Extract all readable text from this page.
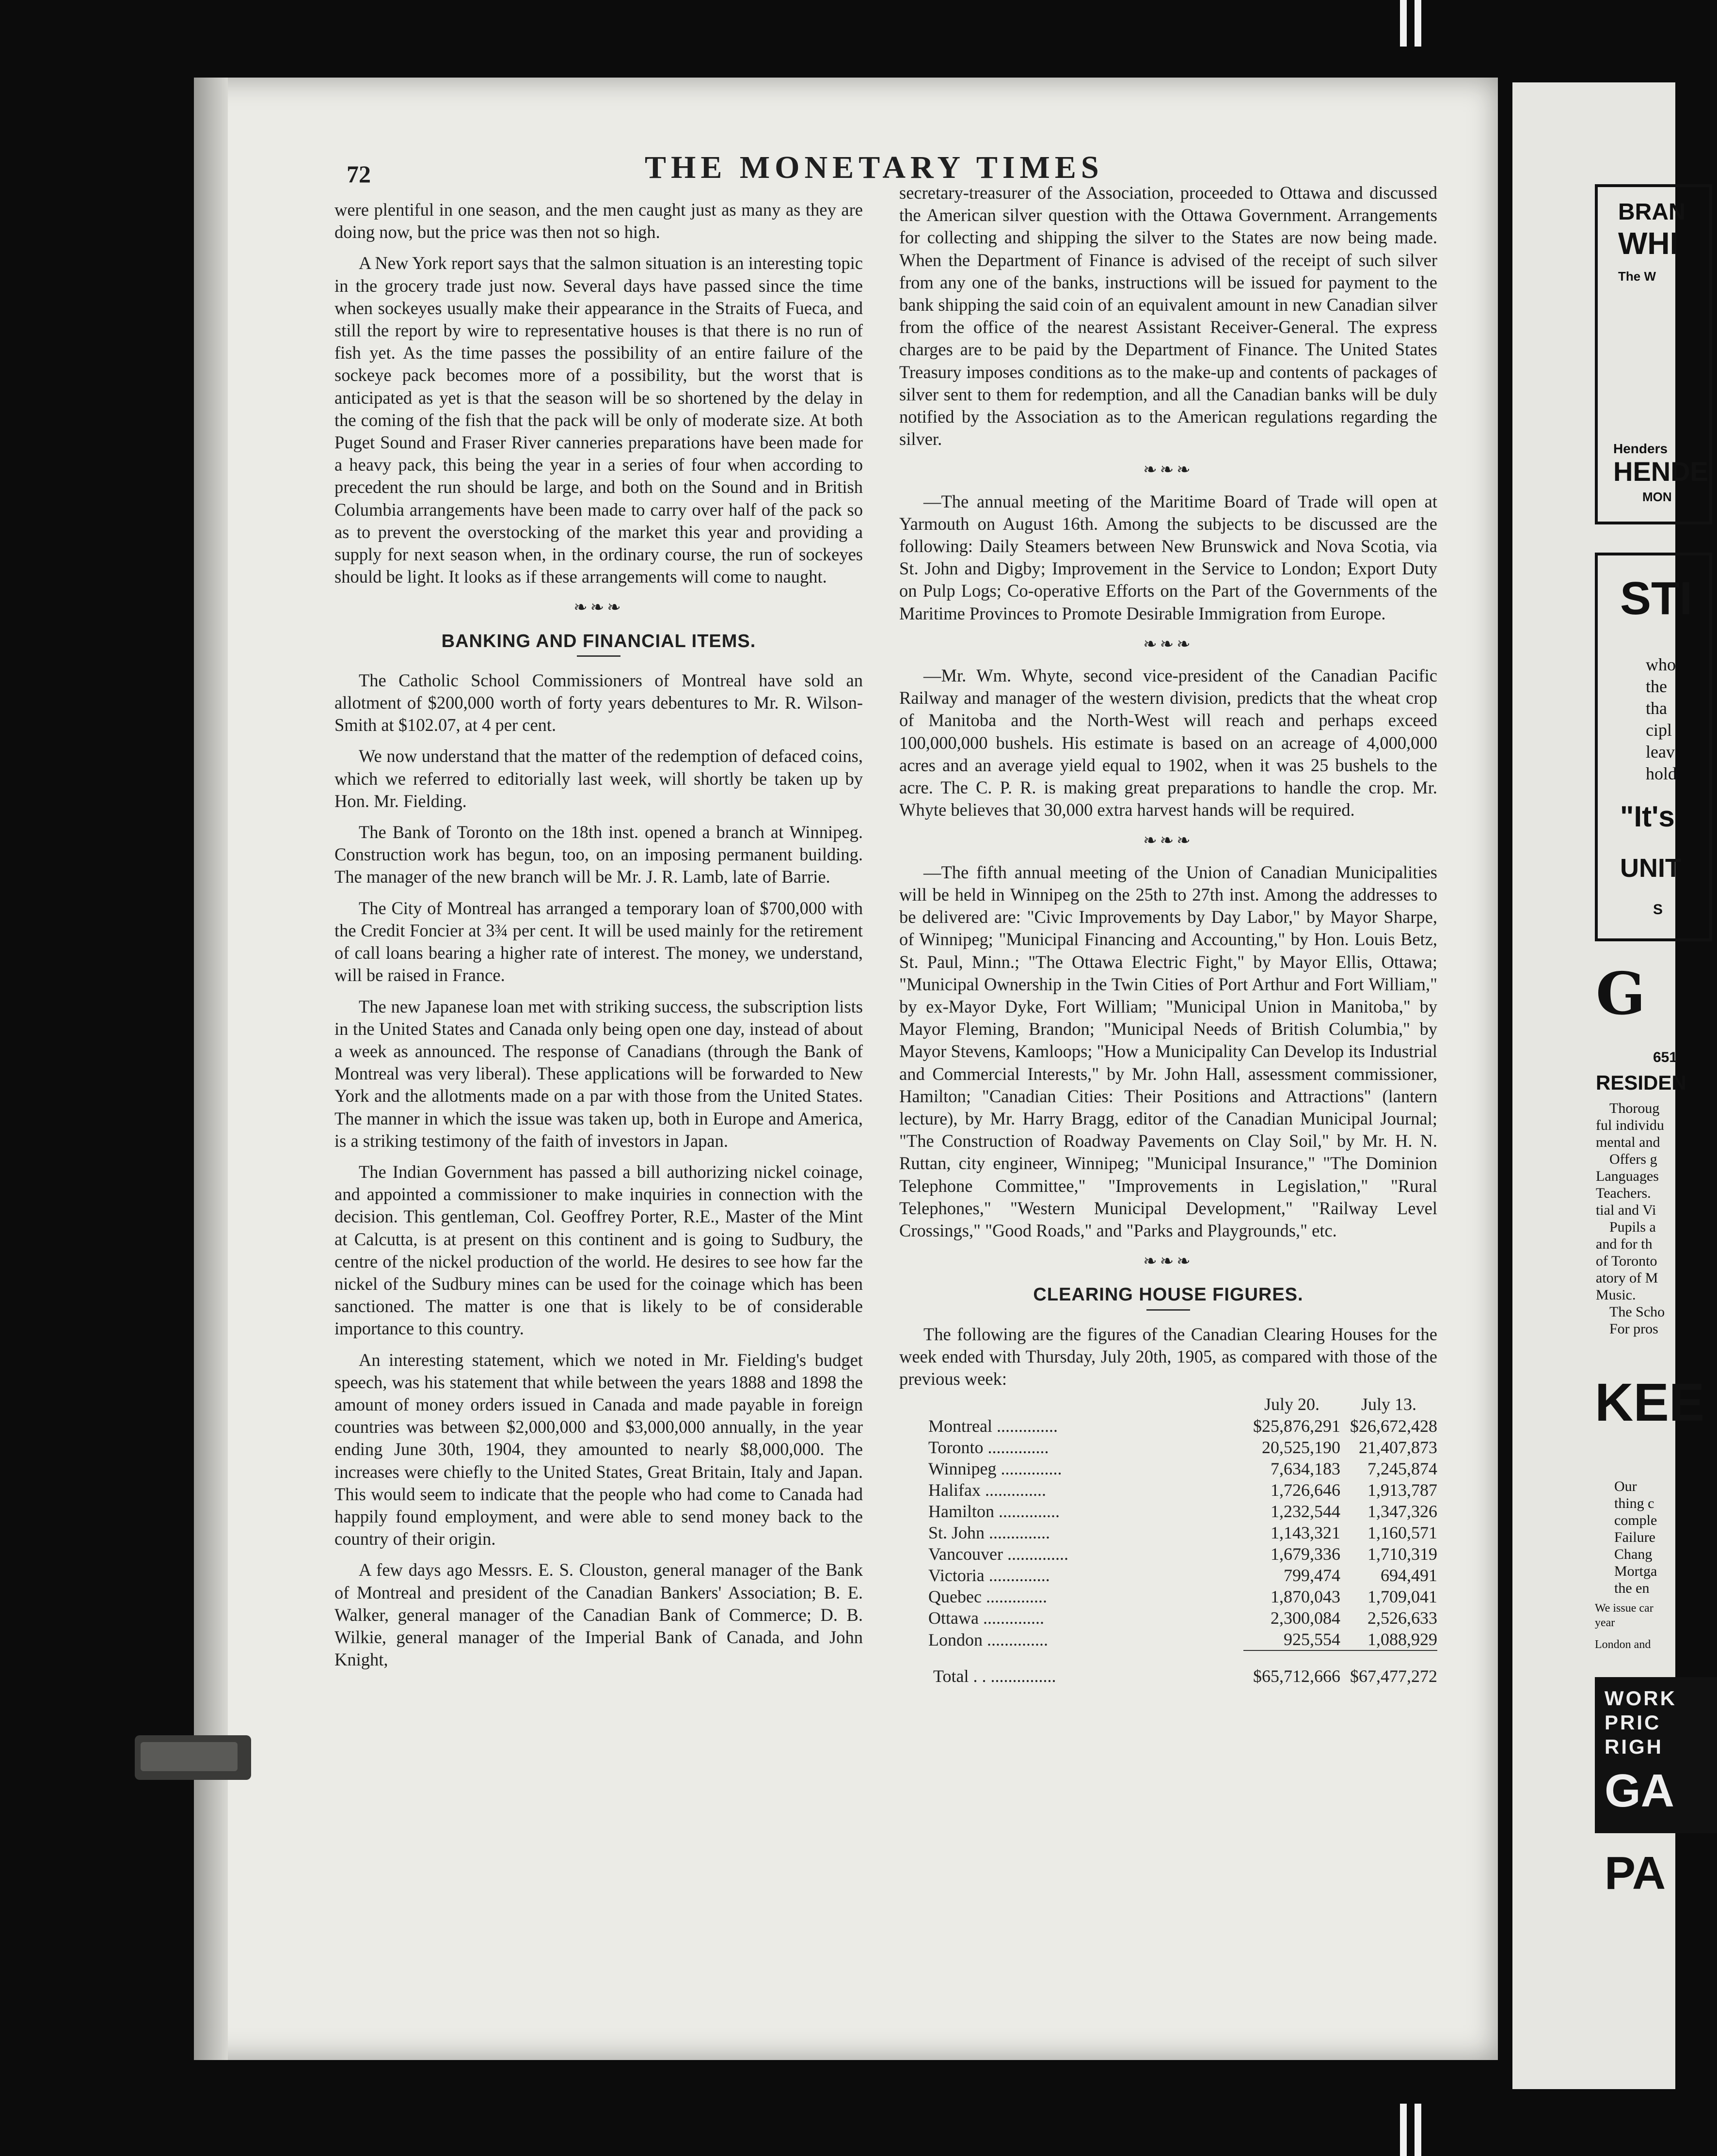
72	THE MONETARY TIMES

were plentiful in one season, and the men caught just as many as they are doing now, but the price was then not so high.

A New York report says that the salmon situation is an interesting topic in the grocery trade just now. Several days have passed since the time when sockeyes usually make their appearance in the Straits of Fueca, and still the report by wire to representative houses is that there is no run of fish yet. As the time passes the possibility of an entire failure of the sockeye pack becomes more of a possibility, but the worst that is anticipated as yet is that the season will be so shortened by the delay in the coming of the fish that the pack will be only of moderate size. At both Puget Sound and Fraser River canneries preparations have been made for a heavy pack, this being the year in a series of four when according to precedent the run should be large, and both on the Sound and in British Columbia arrangements have been made to carry over half of the pack so as to prevent the overstocking of the market this year and providing a supply for next season when, in the ordinary course, the run of sockeyes should be light. It looks as if these arrangements will come to naught.

❧❧❧
BANKING AND FINANCIAL ITEMS.

The Catholic School Commissioners of Montreal have sold an allotment of $200,000 worth of forty years debentures to Mr. R. Wilson-Smith at $102.07, at 4 per cent.

We now understand that the matter of the redemption of defaced coins, which we referred to editorially last week, will shortly be taken up by Hon. Mr. Fielding.

The Bank of Toronto on the 18th inst. opened a branch at Winnipeg. Construction work has begun, too, on an imposing permanent building. The manager of the new branch will be Mr. J. R. Lamb, late of Barrie.

The City of Montreal has arranged a temporary loan of $700,000 with the Credit Foncier at 3¾ per cent. It will be used mainly for the retirement of call loans bearing a higher rate of interest. The money, we understand, will be raised in France.

The new Japanese loan met with striking success, the subscription lists in the United States and Canada only being open one day, instead of about a week as announced. The response of Canadians (through the Bank of Montreal was very liberal). These applications will be forwarded to New York and the allotments made on a par with those from the United States. The manner in which the issue was taken up, both in Europe and America, is a striking testimony of the faith of investors in Japan.

The Indian Government has passed a bill authorizing nickel coinage, and appointed a commissioner to make inquiries in connection with the decision. This gentleman, Col. Geoffrey Porter, R.E., Master of the Mint at Calcutta, is at present on this continent and is going to Sudbury, the centre of the nickel production of the world. He desires to see how far the nickel of the Sudbury mines can be used for the coinage which has been sanctioned. The matter is one that is likely to be of considerable importance to this country.

An interesting statement, which we noted in Mr. Fielding's budget speech, was his statement that while between the years 1888 and 1898 the amount of money orders issued in Canada and made payable in foreign countries was between $2,000,000 and $3,000,000 annually, in the year ending June 30th, 1904, they amounted to nearly $8,000,000. The increases were chiefly to the United States, Great Britain, Italy and Japan. This would seem to indicate that the people who had come to Canada had happily found employment, and were able to send money back to the country of their origin.

A few days ago Messrs. E. S. Clouston, general manager of the Bank of Montreal and president of the Canadian Bankers' Association; B. E. Walker, general manager of the Canadian Bank of Commerce; D. B. Wilkie, general manager of the Imperial Bank of Canada, and John Knight,

secretary-treasurer of the Association, proceeded to Ottawa and discussed the American silver question with the Ottawa Government. Arrangements for collecting and shipping the silver to the States are now being made. When the Department of Finance is advised of the receipt of such silver from any one of the banks, instructions will be issued for payment to the bank shipping the said coin of an equivalent amount in new Canadian silver from the office of the nearest Assistant Receiver-General. The express charges are to be paid by the Department of Finance. The United States Treasury imposes conditions as to the make-up and contents of packages of silver sent to them for redemption, and all the Canadian banks will be duly notified by the Association as to the American regulations regarding the silver.

❧❧❧

—The annual meeting of the Maritime Board of Trade will open at Yarmouth on August 16th. Among the subjects to be discussed are the following: Daily Steamers between New Brunswick and Nova Scotia, via St. John and Digby; Improvement in the Service to London; Export Duty on Pulp Logs; Co-operative Efforts on the Part of the Governments of the Maritime Provinces to Promote Desirable Immigration from Europe.

❧❧❧

—Mr. Wm. Whyte, second vice-president of the Canadian Pacific Railway and manager of the western division, predicts that the wheat crop of Manitoba and the North-West will reach and perhaps exceed 100,000,000 bushels. His estimate is based on an acreage of 4,000,000 acres and an average yield equal to 1902, when it was 25 bushels to the acre. The C. P. R. is making great preparations to handle the crop. Mr. Whyte believes that 30,000 extra harvest hands will be required.

❧❧❧

—The fifth annual meeting of the Union of Canadian Municipalities will be held in Winnipeg on the 25th to 27th inst. Among the addresses to be delivered are: "Civic Improvements by Day Labor," by Mayor Sharpe, of Winnipeg; "Municipal Financing and Accounting," by Hon. Louis Betz, St. Paul, Minn.; "The Ottawa Electric Fight," by Mayor Ellis, Ottawa; "Municipal Ownership in the Twin Cities of Port Arthur and Fort William," by ex-Mayor Dyke, Fort William; "Municipal Union in Manitoba," by Mayor Fleming, Brandon; "Municipal Needs of British Columbia," by Mayor Stevens, Kamloops; "How a Municipality Can Develop its Industrial and Commercial Interests," by Mr. John Hall, assessment commissioner, Hamilton; "Canadian Cities: Their Positions and Attractions" (lantern lecture), by Mr. Harry Bragg, editor of the Canadian Municipal Journal; "The Construction of Roadway Pavements on Clay Soil," by Mr. H. N. Ruttan, city engineer, Winnipeg; "Municipal Insurance," "The Dominion Telephone Committee," "Improvements in Legislation," "Rural Telephones," "Western Municipal Development," "Railway Level Crossings," "Good Roads," and "Parks and Playgrounds," etc.

❧❧❧
CLEARING HOUSE FIGURES.

The following are the figures of the Canadian Clearing Houses for the week ended with Thursday, July 20th, 1905, as compared with those of the previous week:

	July 20.	July 13.
Montreal ..............	$25,876,291	$26,672,428
Toronto ..............	20,525,190	21,407,873
Winnipeg ..............	7,634,183	7,245,874
Halifax ..............	1,726,646	1,913,787
Hamilton ..............	1,232,544	1,347,326
St. John ..............	1,143,321	1,160,571
Vancouver ..............	1,679,336	1,710,319
Victoria ..............	799,474	694,491
Quebec ..............	1,870,043	1,709,041
Ottawa ..............	2,300,084	2,526,633
London ..............	925,554	1,088,929
Total . . ...............	$65,712,666	$67,477,272
BRAN
WHI
The W
Henders
HENDE
MON
STI
who
the
tha
cipl
leav
hold
"It's
UNIT
S
G
651
RESIDEN
Thoroug
ful individu
mental and
Offers g
Languages
Teachers.
tial and Vi
Pupils a
and for th
of Toronto
atory of M
Music.
The Scho
For pros
KEE
Our
thing c
comple
Failure
Chang
Mortga
the en
We issue car
year
London and
WORK
PRIC
RIGH
GA
PA
